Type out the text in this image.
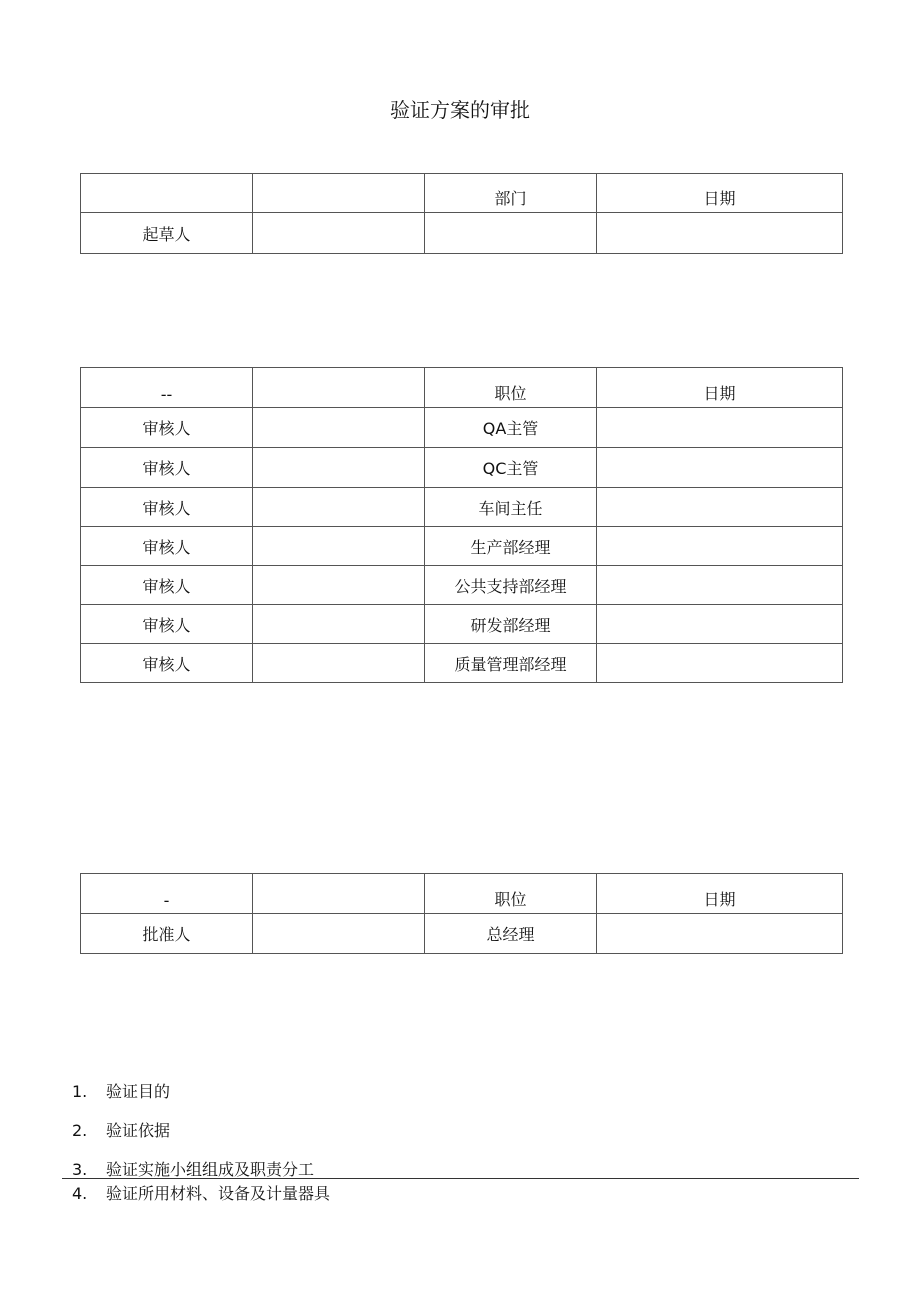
验证方案的审批
		部门	日期
起草人			
--		职位	日期
审核人		QA主管	
审核人		QC主管	
审核人		车间主任	
审核人		生产部经理	
审核人		公共支持部经理	
审核人		研发部经理	
审核人		质量管理部经理	
-		职位	日期
批准人		总经理	
1. 验证目的
2. 验证依据
3. 验证实施小组组成及职责分工
4. 验证所用材料、设备及计量器具
